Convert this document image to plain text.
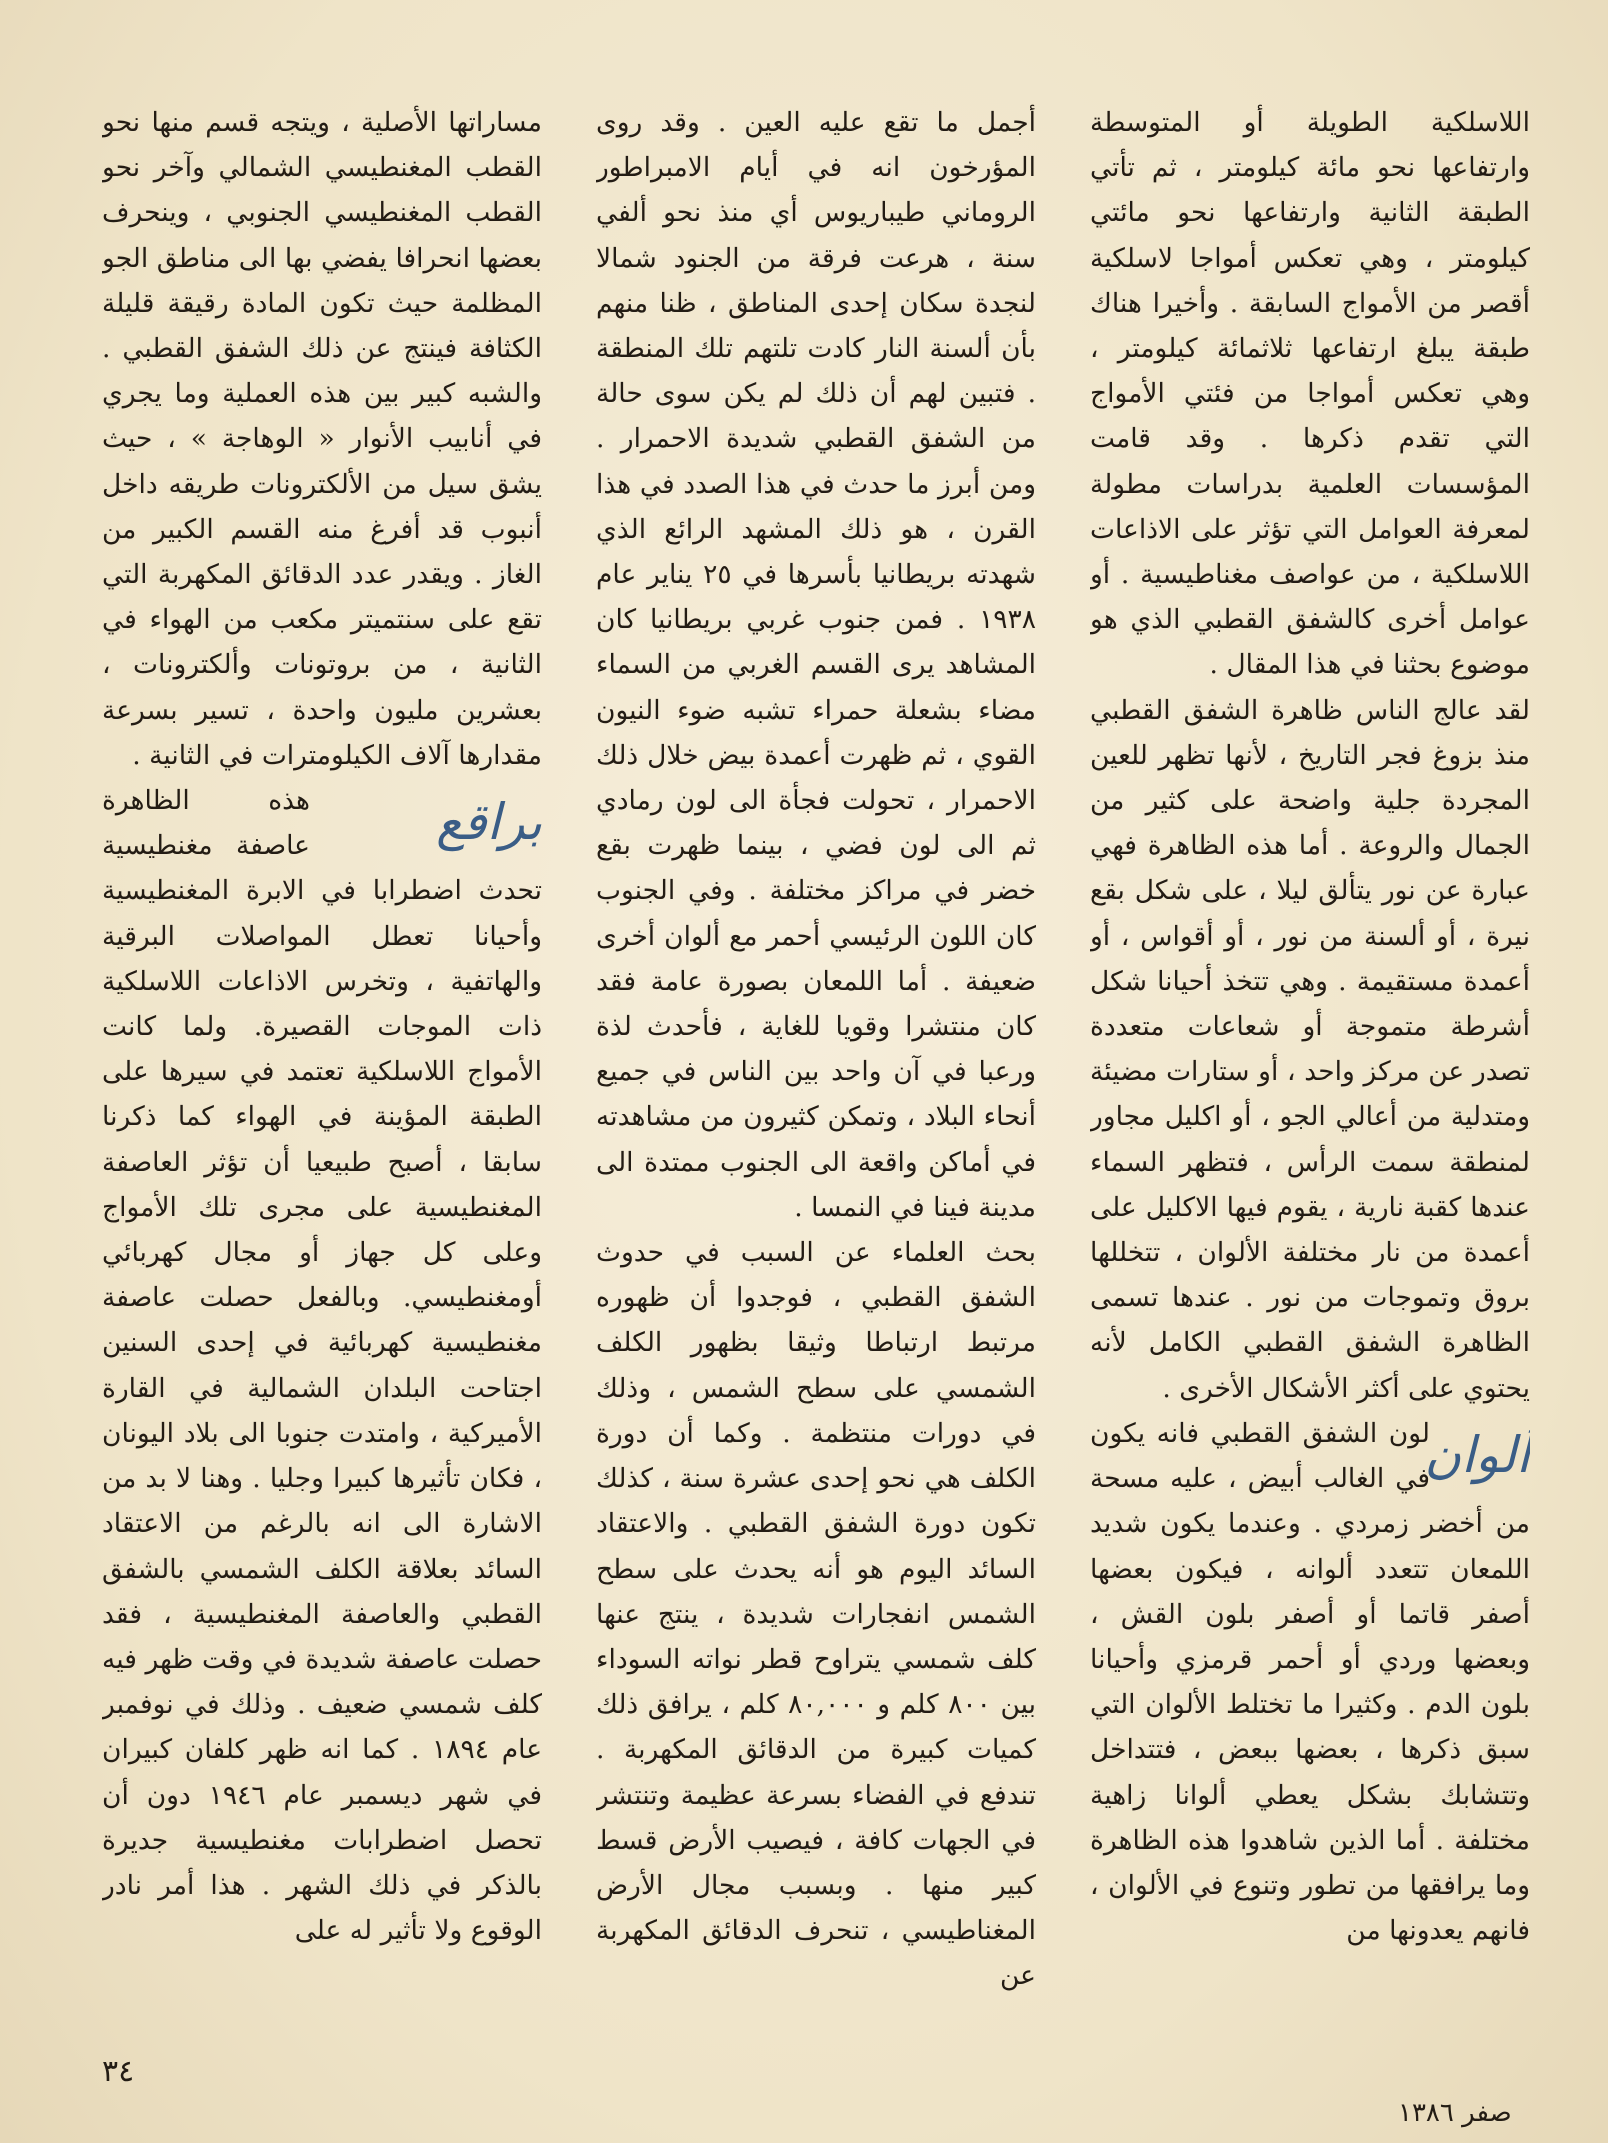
اللاسلكية الطويلة أو المتوسطة وارتفاعها نحو مائة كيلومتر ، ثم تأتي الطبقة الثانية وارتفاعها نحو مائتي كيلومتر ، وهي تعكس أمواجا لاسلكية أقصر من الأمواج السابقة . وأخيرا هناك طبقة يبلغ ارتفاعها ثلاثمائة كيلومتر ، وهي تعكس أمواجا من فئتي الأمواج التي تقدم ذكرها . وقد قامت المؤسسات العلمية بدراسات مطولة لمعرفة العوامل التي تؤثر على الاذاعات اللاسلكية ، من عواصف مغناطيسية . أو عوامل أخرى كالشفق القطبي الذي هو موضوع بحثنا في هذا المقال .

لقد عالج الناس ظاهرة الشفق القطبي منذ بزوغ فجر التاريخ ، لأنها تظهر للعين المجردة جلية واضحة على كثير من الجمال والروعة . أما هذه الظاهرة فهي عبارة عن نور يتألق ليلا ، على شكل بقع نيرة ، أو ألسنة من نور ، أو أقواس ، أو أعمدة مستقيمة . وهي تتخذ أحيانا شكل أشرطة متموجة أو شعاعات متعددة تصدر عن مركز واحد ، أو ستارات مضيئة ومتدلية من أعالي الجو ، أو اكليل مجاور لمنطقة سمت الرأس ، فتظهر السماء عندها كقبة نارية ، يقوم فيها الاكليل على أعمدة من نار مختلفة الألوان ، تتخللها بروق وتموجات من نور . عندها تسمى الظاهرة الشفق القطبي الكامل لأنه يحتوي على أكثر الأشكال الأخرى .

ألوان
لون الشفق القطبي فانه يكون في الغالب أبيض ، عليه مسحة من أخضر زمردي . وعندما يكون شديد اللمعان تتعدد ألوانه ، فيكون بعضها أصفر قاتما أو أصفر بلون القش ، وبعضها وردي أو أحمر قرمزي وأحيانا بلون الدم . وكثيرا ما تختلط الألوان التي سبق ذكرها ، بعضها ببعض ، فتتداخل وتتشابك بشكل يعطي ألوانا زاهية مختلفة . أما الذين شاهدوا هذه الظاهرة وما يرافقها من تطور وتنوع في الألوان ، فانهم يعدونها من

أجمل ما تقع عليه العين . وقد روى المؤرخون انه في أيام الامبراطور الروماني طيباريوس أي منذ نحو ألفي سنة ، هرعت فرقة من الجنود شمالا لنجدة سكان إحدى المناطق ، ظنا منهم بأن ألسنة النار كادت تلتهم تلك المنطقة . فتبين لهم أن ذلك لم يكن سوى حالة من الشفق القطبي شديدة الاحمرار . ومن أبرز ما حدث في هذا الصدد في هذا القرن ، هو ذلك المشهد الرائع الذي شهدته بريطانيا بأسرها في ٢٥ يناير عام ١٩٣٨ . فمن جنوب غربي بريطانيا كان المشاهد يرى القسم الغربي من السماء مضاء بشعلة حمراء تشبه ضوء النيون القوي ، ثم ظهرت أعمدة بيض خلال ذلك الاحمرار ، تحولت فجأة الى لون رمادي ثم الى لون فضي ، بينما ظهرت بقع خضر في مراكز مختلفة . وفي الجنوب كان اللون الرئيسي أحمر مع ألوان أخرى ضعيفة . أما اللمعان بصورة عامة فقد كان منتشرا وقويا للغاية ، فأحدث لذة ورعبا في آن واحد بين الناس في جميع أنحاء البلاد ، وتمكن كثيرون من مشاهدته في أماكن واقعة الى الجنوب ممتدة الى مدينة فينا في النمسا .

بحث العلماء عن السبب في حدوث الشفق القطبي ، فوجدوا أن ظهوره مرتبط ارتباطا وثيقا بظهور الكلف الشمسي على سطح الشمس ، وذلك في دورات منتظمة . وكما أن دورة الكلف هي نحو إحدى عشرة سنة ، كذلك تكون دورة الشفق القطبي . والاعتقاد السائد اليوم هو أنه يحدث على سطح الشمس انفجارات شديدة ، ينتج عنها كلف شمسي يتراوح قطر نواته السوداء بين ٨٠٠ كلم و ٨٠,٠٠٠ كلم ، يرافق ذلك كميات كبيرة من الدقائق المكهربة . تندفع في الفضاء بسرعة عظيمة وتنتشر في الجهات كافة ، فيصيب الأرض قسط كبير منها . وبسبب مجال الأرض المغناطيسي ، تنحرف الدقائق المكهربة عن

مساراتها الأصلية ، ويتجه قسم منها نحو القطب المغنطيسي الشمالي وآخر نحو القطب المغنطيسي الجنوبي ، وينحرف بعضها انحرافا يفضي بها الى مناطق الجو المظلمة حيث تكون المادة رقيقة قليلة الكثافة فينتج عن ذلك الشفق القطبي . والشبه كبير بين هذه العملية وما يجري في أنابيب الأنوار « الوهاجة » ، حيث يشق سيل من الألكترونات طريقه داخل أنبوب قد أفرغ منه القسم الكبير من الغاز . ويقدر عدد الدقائق المكهربة التي تقع على سنتميتر مكعب من الهواء في الثانية ، من بروتونات وألكترونات ، بعشرين مليون واحدة ، تسير بسرعة مقدارها آلاف الكيلومترات في الثانية .

براقع
هذه الظاهرة عاصفة مغنطيسية تحدث اضطرابا في الابرة المغنطيسية وأحيانا تعطل المواصلات البرقية والهاتفية ، وتخرس الاذاعات اللاسلكية ذات الموجات القصيرة. ولما كانت الأمواج اللاسلكية تعتمد في سيرها على الطبقة المؤينة في الهواء كما ذكرنا سابقا ، أصبح طبيعيا أن تؤثر العاصفة المغنطيسية على مجرى تلك الأمواج وعلى كل جهاز أو مجال كهربائي أومغنطيسي. وبالفعل حصلت عاصفة مغنطيسية كهربائية في إحدى السنين اجتاحت البلدان الشمالية في القارة الأميركية ، وامتدت جنوبا الى بلاد اليونان ، فكان تأثيرها كبيرا وجليا . وهنا لا بد من الاشارة الى انه بالرغم من الاعتقاد السائد بعلاقة الكلف الشمسي بالشفق القطبي والعاصفة المغنطيسية ، فقد حصلت عاصفة شديدة في وقت ظهر فيه كلف شمسي ضعيف . وذلك في نوفمبر عام ١٨٩٤ . كما انه ظهر كلفان كبيران في شهر ديسمبر عام ١٩٤٦ دون أن تحصل اضطرابات مغنطيسية جديرة بالذكر في ذلك الشهر . هذا أمر نادر الوقوع ولا تأثير له على

٣٤
صفر ١٣٨٦
